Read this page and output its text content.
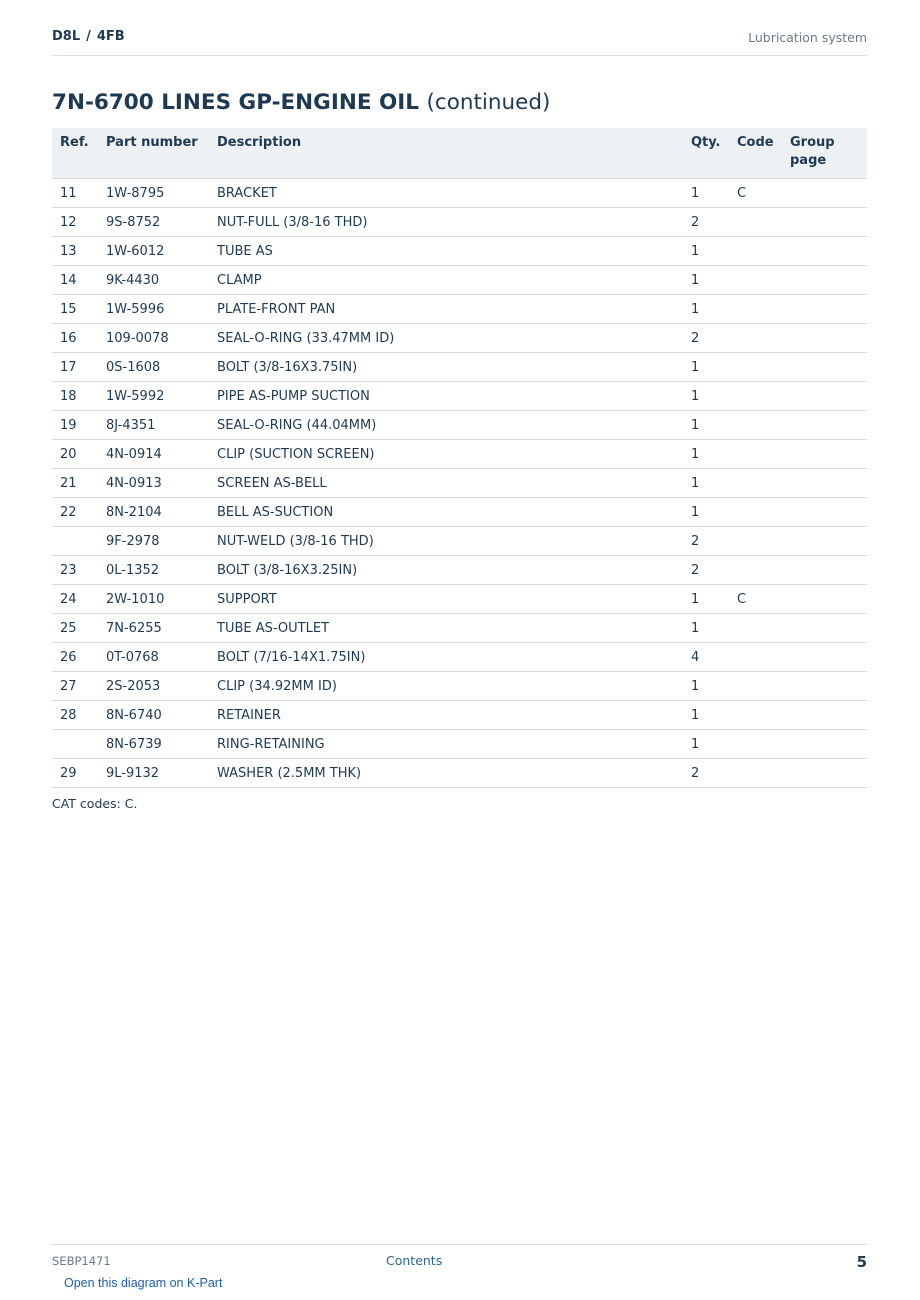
D8L / 4FB	Lubrication system
7N-6700 LINES GP-ENGINE OIL (continued)
Ref.	Part number	Description	Qty.	Code	Group page
11	1W-8795	BRACKET	1	C	
12	9S-8752	NUT-FULL (3/8-16 THD)	2		
13	1W-6012	TUBE AS	1		
14	9K-4430	CLAMP	1		
15	1W-5996	PLATE-FRONT PAN	1		
16	109-0078	SEAL-O-RING (33.47MM ID)	2		
17	0S-1608	BOLT (3/8-16X3.75IN)	1		
18	1W-5992	PIPE AS-PUMP SUCTION	1		
19	8J-4351	SEAL-O-RING (44.04MM)	1		
20	4N-0914	CLIP (SUCTION SCREEN)	1		
21	4N-0913	SCREEN AS-BELL	1		
22	8N-2104	BELL AS-SUCTION	1		
	9F-2978	NUT-WELD (3/8-16 THD)	2		
23	0L-1352	BOLT (3/8-16X3.25IN)	2		
24	2W-1010	SUPPORT	1	C	
25	7N-6255	TUBE AS-OUTLET	1		
26	0T-0768	BOLT (7/16-14X1.75IN)	4		
27	2S-2053	CLIP (34.92MM ID)	1		
28	8N-6740	RETAINER	1		
	8N-6739	RING-RETAINING	1		
29	9L-9132	WASHER (2.5MM THK)	2		
CAT codes: C.
SEBP1471	Contents	5
Open this diagram on K-Part
